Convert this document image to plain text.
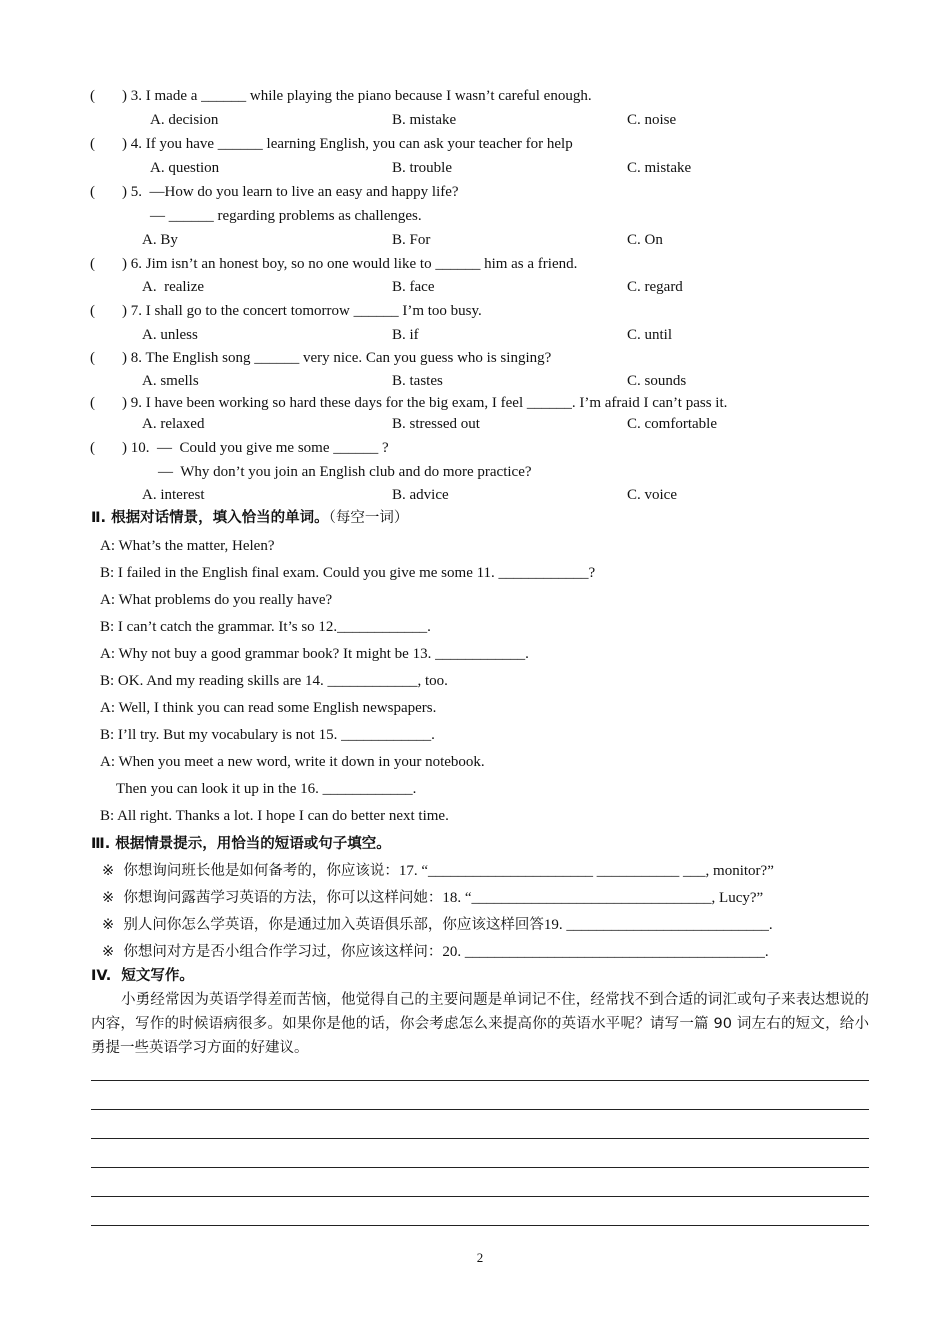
(
) 3. I made a ______ while playing the piano because I wasn’t careful enough.
A. decision	B. mistake	C. noise
(
) 4. If you have ______ learning English, you can ask your teacher for help
A. question	B. trouble	C. mistake
(
) 5.  —How do you learn to live an easy and happy life?
— ______ regarding problems as challenges.
A. By	B. For	C. On
(
) 6. Jim isn’t an honest boy, so no one would like to ______ him as a friend.
A.  realize	B. face	C. regard
(
) 7. I shall go to the concert tomorrow ______ I’m too busy.
A. unless	B. if	C. until
(
) 8. The English song ______ very nice. Can you guess who is singing?
A. smells	B. tastes	C. sounds
(
) 9. I have been working so hard these days for the big exam, I feel ______. I’m afraid I can’t pass it.
A. relaxed	B. stressed out	C. comfortable
(
) 10.  —  Could you give me some ______ ?
—  Why don’t you join an English club and do more practice?
A. interest	B. advice	C. voice
Ⅱ. 根据对话情景，填入恰当的单词。（每空一词）
A: What’s the matter, Helen?
B: I failed in the English final exam. Could you give me some 11. ____________?
A: What problems do you really have?
B: I can’t catch the grammar. It’s so 12.____________.
A: Why not buy a good grammar book? It might be 13. ____________.
B: OK. And my reading skills are 14. ____________, too.
A: Well, I think you can read some English newspapers.
B: I’ll try. But my vocabulary is not 15. ____________.
A: When you meet a new word, write it down in your notebook.
Then you can look it up in the 16. ____________.
B: All right. Thanks a lot. I hope I can do better next time.
Ⅲ. 根据情景提示，用恰当的短语或句子填空。
※  你想询问班长他是如何备考的，你应该说：17. “______________________ ___________ ___, monitor?”
※  你想询问露茜学习英语的方法，你可以这样问她：18. “________________________________, Lucy?”
※  别人问你怎么学英语，你是通过加入英语俱乐部，你应该这样回答19. ___________________________.
※  你想问对方是否小组合作学习过，你应该这样问：20. ________________________________________.
IV.  短文写作。
小勇经常因为英语学得差而苦恼，他觉得自己的主要问题是单词记不住，经常找不到合适的词汇或句子来表达想说的内容，写作的时候语病很多。如果你是他的话，你会考虑怎么来提高你的英语水平呢？请写一篇 90 词左右的短文，给小勇提一些英语学习方面的好建议。
2
